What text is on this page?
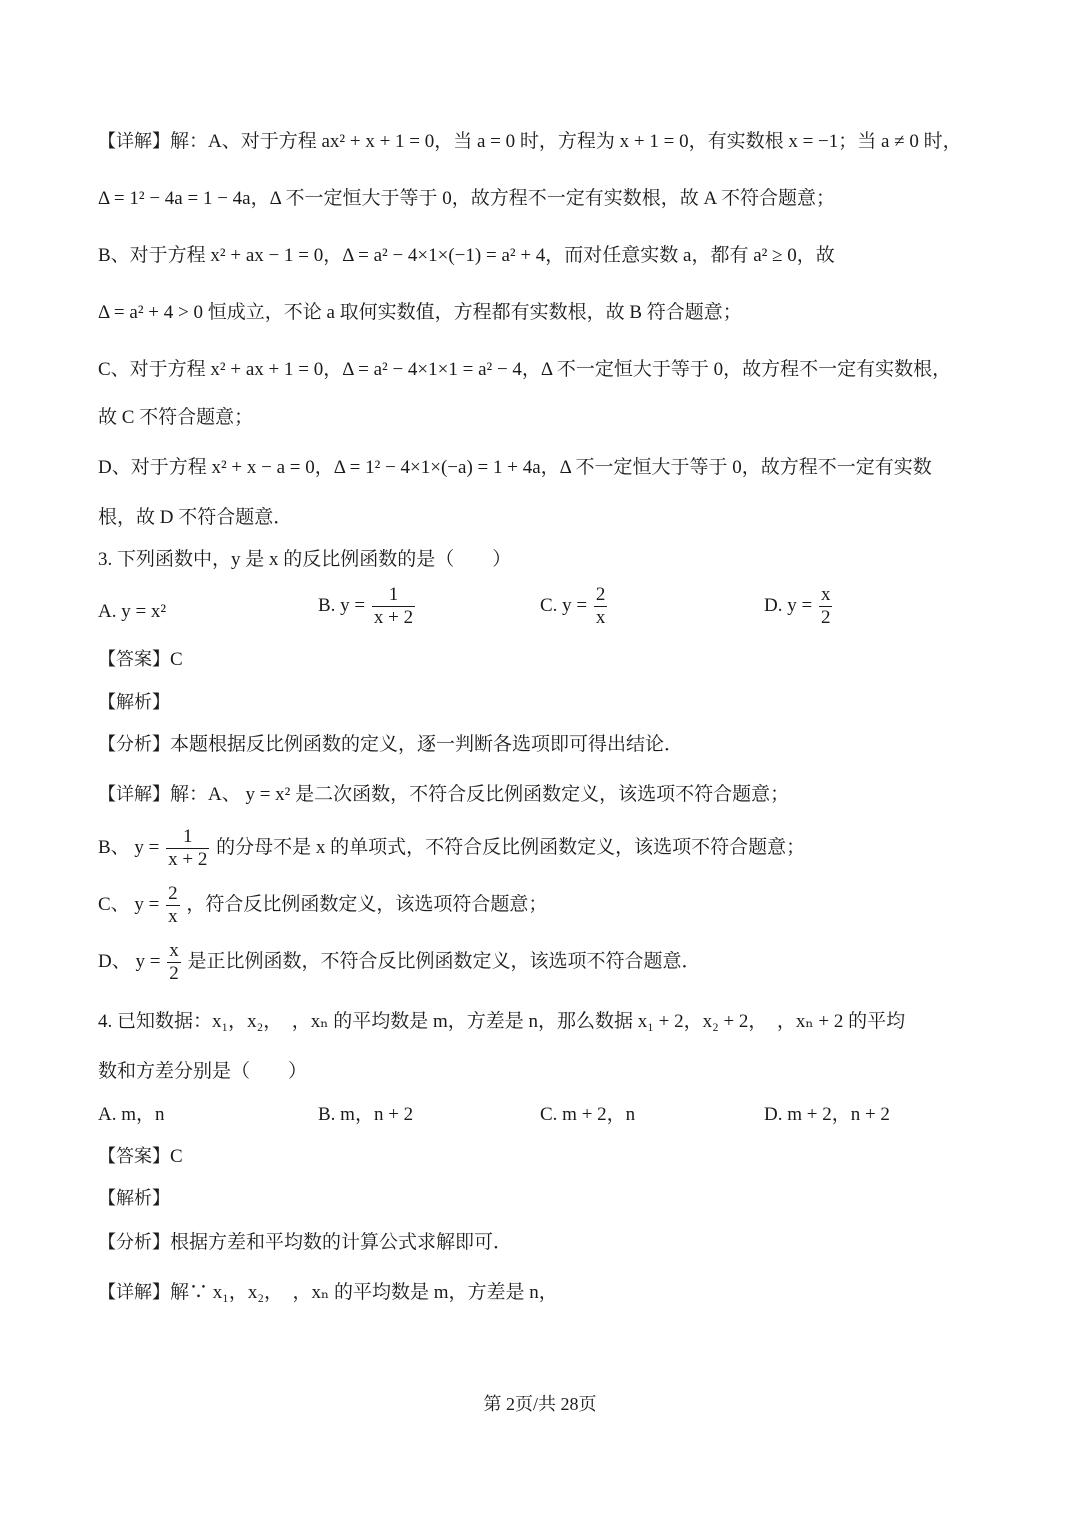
【详解】解：A、对于方程 ax² + x + 1 = 0，当 a = 0 时，方程为 x + 1 = 0，有实数根 x = −1；当 a ≠ 0 时，
Δ = 1² − 4a = 1 − 4a，Δ 不一定恒大于等于 0，故方程不一定有实数根，故 A 不符合题意；
B、对于方程 x² + ax − 1 = 0，Δ = a² − 4×1×(−1) = a² + 4，而对任意实数 a，都有 a² ≥ 0，故
Δ = a² + 4 > 0 恒成立，不论 a 取何实数值，方程都有实数根，故 B 符合题意；
C、对于方程 x² + ax + 1 = 0，Δ = a² − 4×1×1 = a² − 4，Δ 不一定恒大于等于 0，故方程不一定有实数根，
故 C 不符合题意；
D、对于方程 x² + x − a = 0，Δ = 1² − 4×1×(−a) = 1 + 4a，Δ 不一定恒大于等于 0，故方程不一定有实数
根，故 D 不符合题意．
3. 下列函数中，y 是 x 的反比例函数的是（　　）
A. y = x²	B. $y = \frac{1}{x + 2}$	C. $y = \frac{2}{x}$	D. $y = \frac{x}{2}$
【答案】C
【解析】
【分析】本题根据反比例函数的定义，逐一判断各选项即可得出结论．
【详解】解：A、 y = x² 是二次函数，不符合反比例函数定义，该选项不符合题意；
B、 $y = \frac{1}{x + 2}$ 的分母不是 x 的单项式，不符合反比例函数定义，该选项不符合题意；
C、 $y = \frac{2}{x}$ ，符合反比例函数定义，该选项符合题意；
D、 $y = \frac{x}{2}$ 是正比例函数，不符合反比例函数定义，该选项不符合题意．
4. 已知数据：x₁，x₂，　，xₙ 的平均数是 m，方差是 n，那么数据 x₁ + 2，x₂ + 2，　，xₙ + 2 的平均
数和方差分别是（　　）
A. m，n	B. m，n + 2	C. m + 2，n	D. m + 2，n + 2
【答案】C
【解析】
【分析】根据方差和平均数的计算公式求解即可．
【详解】解∵ x₁，x₂，　，xₙ 的平均数是 m，方差是 n，
第 2页/共 28页
